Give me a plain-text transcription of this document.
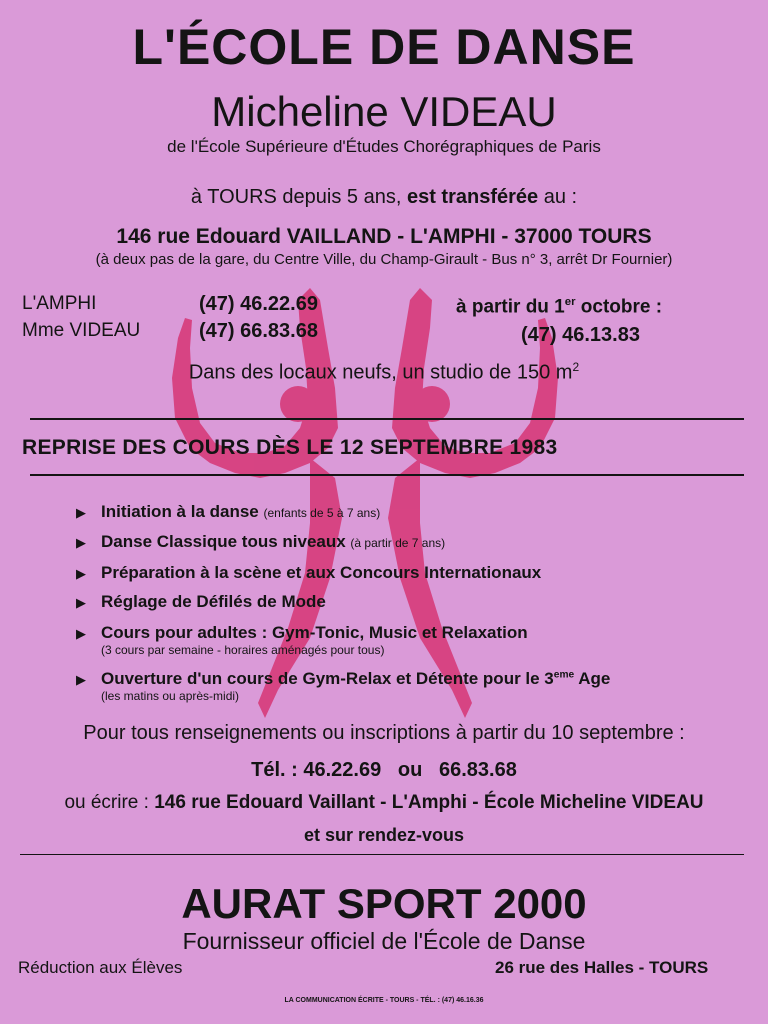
L'ÉCOLE DE DANSE
Micheline VIDEAU
de l'École Supérieure d'Études Chorégraphiques de Paris
à TOURS depuis 5 ans, est transférée au :
146 rue Edouard VAILLAND - L'AMPHI - 37000 TOURS
(à deux pas de la gare, du Centre Ville, du Champ-Girault - Bus n° 3, arrêt Dr Fournier)
L'AMPHI	(47) 46.22.69
Mme VIDEAU	(47) 66.83.68
à partir du 1er octobre :
(47) 46.13.83
Dans des locaux neufs, un studio de 150 $m^2$
REPRISE DES COURS DÈS LE 12 SEPTEMBRE 1983
▶ Initiation à la danse (enfants de 5 à 7 ans)
▶ Danse Classique tous niveaux (à partir de 7 ans)
▶ Préparation à la scène et aux Concours Internationaux
▶ Réglage de Défilés de Mode
▶ Cours pour adultes : Gym-Tonic, Music et Relaxation
(3 cours par semaine - horaires aménagés pour tous)
▶ Ouverture d'un cours de Gym-Relax et Détente pour le 3eme Age
(les matins ou après-midi)
Pour tous renseignements ou inscriptions à partir du 10 septembre :
Tél. : 46.22.69   ou   66.83.68
ou écrire : 146 rue Edouard Vaillant - L'Amphi - École Micheline VIDEAU
et sur rendez-vous
AURAT SPORT 2000
Fournisseur officiel de l'École de Danse
Réduction aux Élèves	26 rue des Halles - TOURS
LA COMMUNICATION ÉCRITE - TOURS - TÉL. : (47) 46.16.36
